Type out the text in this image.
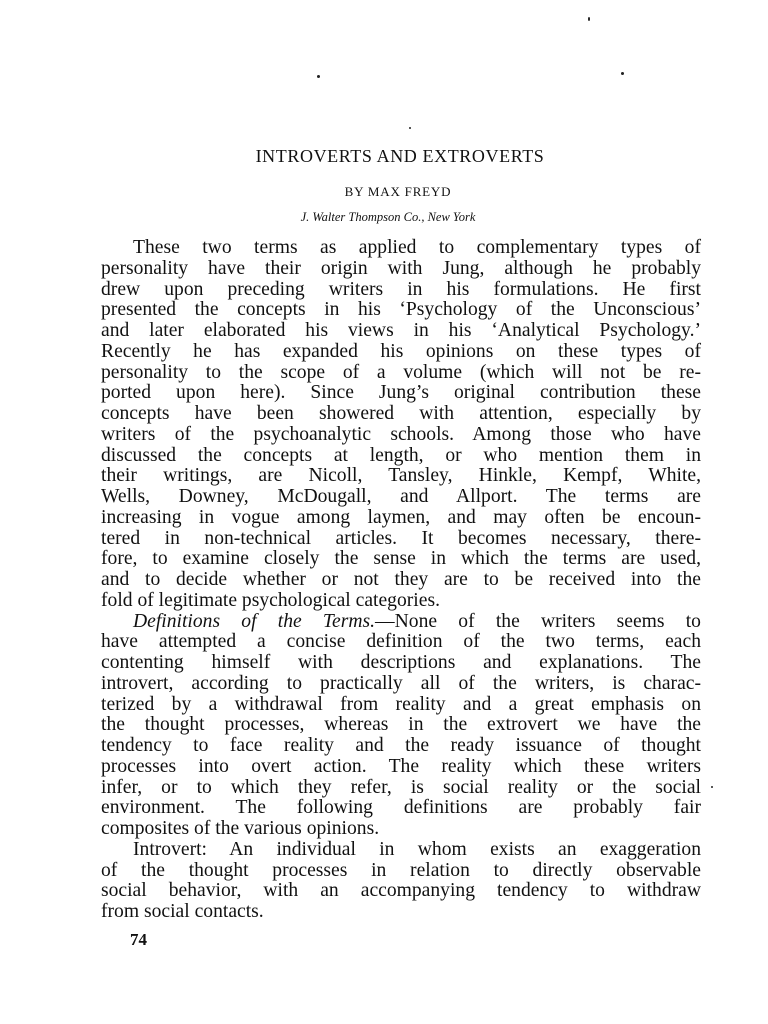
INTROVERTS AND EXTROVERTS
BY MAX FREYD
J. Walter Thompson Co., New York
These two terms as applied to complementary types of
personality have their origin with Jung, although he probably
drew upon preceding writers in his formulations. He first
presented the concepts in his ‘Psychology of the Unconscious’
and later elaborated his views in his ‘Analytical Psychology.’
Recently he has expanded his opinions on these types of
personality to the scope of a volume (which will not be re-
ported upon here). Since Jung’s original contribution these
concepts have been showered with attention, especially by
writers of the psychoanalytic schools. Among those who have
discussed the concepts at length, or who mention them in
their writings, are Nicoll, Tansley, Hinkle, Kempf, White,
Wells, Downey, McDougall, and Allport. The terms are
increasing in vogue among laymen, and may often be encoun-
tered in non-technical articles. It becomes necessary, there-
fore, to examine closely the sense in which the terms are used,
and to decide whether or not they are to be received into the
fold of legitimate psychological categories.
Definitions of the Terms.—None of the writers seems to
have attempted a concise definition of the two terms, each
contenting himself with descriptions and explanations. The
introvert, according to practically all of the writers, is charac-
terized by a withdrawal from reality and a great emphasis on
the thought processes, whereas in the extrovert we have the
tendency to face reality and the ready issuance of thought
processes into overt action. The reality which these writers
infer, or to which they refer, is social reality or the social
environment. The following definitions are probably fair
composites of the various opinions.
Introvert: An individual in whom exists an exaggeration
of the thought processes in relation to directly observable
social behavior, with an accompanying tendency to withdraw
from social contacts.
74
